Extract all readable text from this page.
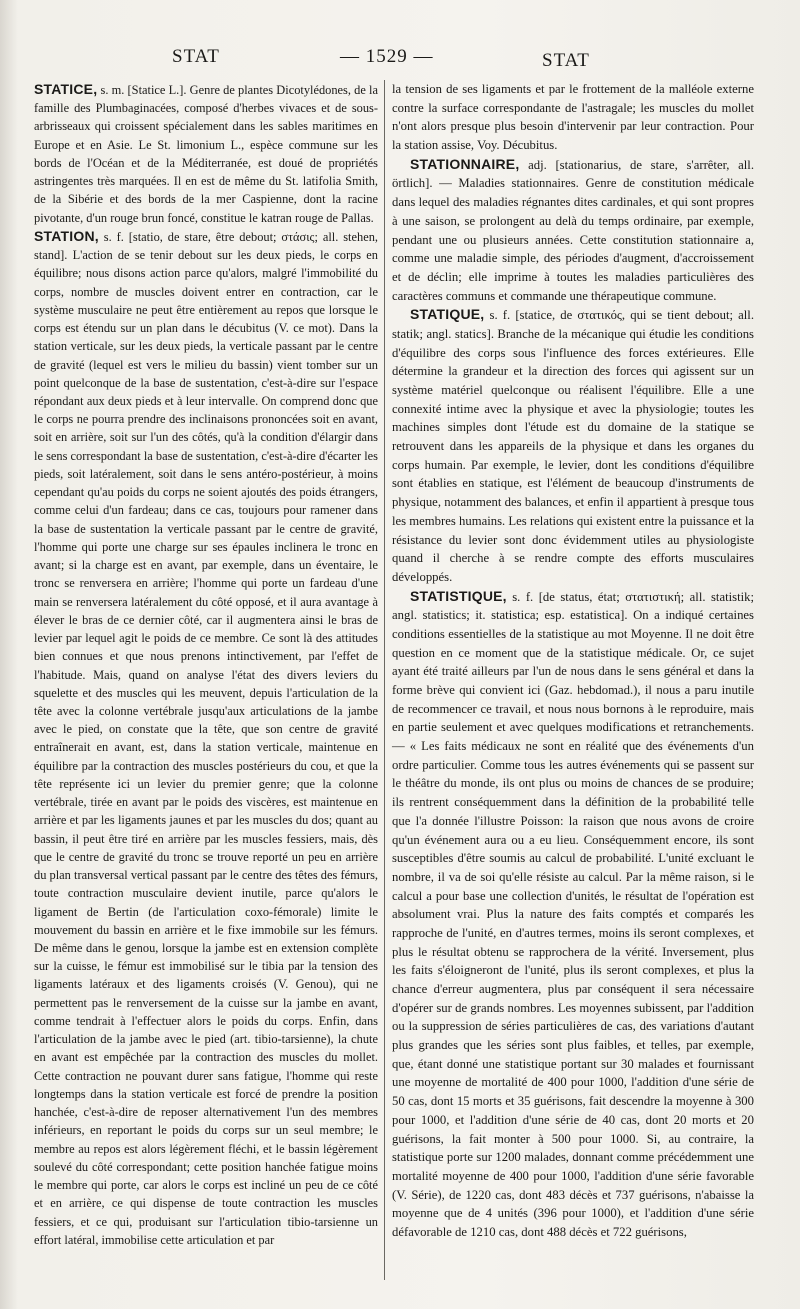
STAT	— 1529 —	STAT
STATICE, s. m. [Statice L.]. Genre de plantes Dicotylédones, de la famille des Plumbaginacées, composé d'herbes vivaces et de sous-arbrisseaux qui croissent spécialement dans les sables maritimes en Europe et en Asie. Le St. limonium L., espèce commune sur les bords de l'Océan et de la Méditerranée, est doué de propriétés astringentes très marquées. Il en est de même du St. latifolia Smith, de la Sibérie et des bords de la mer Caspienne, dont la racine pivotante, d'un rouge brun foncé, constitue le katran rouge de Pallas.
STATION, s. f. [statio, de stare, être debout; στάσις; all. stehen, stand]. L'action de se tenir debout sur les deux pieds, le corps en équilibre; nous disons action parce qu'alors, malgré l'immobilité du corps, nombre de muscles doivent entrer en contraction, car le système musculaire ne peut être entièrement au repos que lorsque le corps est étendu sur un plan dans le décubitus (V. ce mot). Dans la station verticale, sur les deux pieds, la verticale passant par le centre de gravité (lequel est vers le milieu du bassin) vient tomber sur un point quelconque de la base de sustentation, c'est-à-dire sur l'espace répondant aux deux pieds et à leur intervalle. On comprend donc que le corps ne pourra prendre des inclinaisons prononcées soit en avant, soit en arrière, soit sur l'un des côtés, qu'à la condition d'élargir dans le sens correspondant la base de sustentation, c'est-à-dire d'écarter les pieds, soit latéralement, soit dans le sens antéro-postérieur, à moins cependant qu'au poids du corps ne soient ajoutés des poids étrangers, comme celui d'un fardeau; dans ce cas, toujours pour ramener dans la base de sustentation la verticale passant par le centre de gravité, l'homme qui porte une charge sur ses épaules inclinera le tronc en avant; si la charge est en avant, par exemple, dans un éventaire, le tronc se renversera en arrière; l'homme qui porte un fardeau d'une main se renversera latéralement du côté opposé, et il aura avantage à élever le bras de ce dernier côté, car il augmentera ainsi le bras de levier par lequel agit le poids de ce membre. Ce sont là des attitudes bien connues et que nous prenons intinctivement, par l'effet de l'habitude. Mais, quand on analyse l'état des divers leviers du squelette et des muscles qui les meuvent, depuis l'articulation de la tête avec la colonne vertébrale jusqu'aux articulations de la jambe avec le pied, on constate que la tête, que son centre de gravité entraînerait en avant, est, dans la station verticale, maintenue en équilibre par la contraction des muscles postérieurs du cou, et que la tête représente ici un levier du premier genre; que la colonne vertébrale, tirée en avant par le poids des viscères, est maintenue en arrière et par les ligaments jaunes et par les muscles du dos; quant au bassin, il peut être tiré en arrière par les muscles fessiers, mais, dès que le centre de gravité du tronc se trouve reporté un peu en arrière du plan transversal vertical passant par le centre des têtes des fémurs, toute contraction musculaire devient inutile, parce qu'alors le ligament de Bertin (de l'articulation coxo-fémorale) limite le mouvement du bassin en arrière et le fixe immobile sur les fémurs. De même dans le genou, lorsque la jambe est en extension complète sur la cuisse, le fémur est immobilisé sur le tibia par la tension des ligaments latéraux et des ligaments croisés (V. Genou), qui ne permettent pas le renversement de la cuisse sur la jambe en avant, comme tendrait à l'effectuer alors le poids du corps. Enfin, dans l'articulation de la jambe avec le pied (art. tibio-tarsienne), la chute en avant est empêchée par la contraction des muscles du mollet. Cette contraction ne pouvant durer sans fatigue, l'homme qui reste longtemps dans la station verticale est forcé de prendre la position hanchée, c'est-à-dire de reposer alternativement l'un des membres inférieurs, en reportant le poids du corps sur un seul membre; le membre au repos est alors légèrement fléchi, et le bassin légèrement soulevé du côté correspondant; cette position hanchée fatigue moins le membre qui porte, car alors le corps est incliné un peu de ce côté et en arrière, ce qui dispense de toute contraction les muscles fessiers, et ce qui, produisant sur l'articulation tibio-tarsienne un effort latéral, immobilise cette articulation et par
la tension de ses ligaments et par le frottement de la malléole externe contre la surface correspondante de l'astragale; les muscles du mollet n'ont alors presque plus besoin d'intervenir par leur contraction. Pour la station assise, Voy. Décubitus.
STATIONNAIRE, adj. [stationarius, de stare, s'arrêter, all. örtlich]. — Maladies stationnaires. Genre de constitution médicale dans lequel des maladies régnantes dites cardinales, et qui sont propres à une saison, se prolongent au delà du temps ordinaire, par exemple, pendant une ou plusieurs années. Cette constitution stationnaire a, comme une maladie simple, des périodes d'augment, d'accroissement et de déclin; elle imprime à toutes les maladies particulières des caractères communs et commande une thérapeutique commune.
STATIQUE, s. f. [statice, de στατικός, qui se tient debout; all. statik; angl. statics]. Branche de la mécanique qui étudie les conditions d'équilibre des corps sous l'influence des forces extérieures. Elle détermine la grandeur et la direction des forces qui agissent sur un système matériel quelconque ou réalisent l'équilibre. Elle a une connexité intime avec la physique et avec la physiologie; toutes les machines simples dont l'étude est du domaine de la statique se retrouvent dans les appareils de la physique et dans les organes du corps humain. Par exemple, le levier, dont les conditions d'équilibre sont établies en statique, est l'élément de beaucoup d'instruments de physique, notamment des balances, et enfin il appartient à presque tous les membres humains. Les relations qui existent entre la puissance et la résistance du levier sont donc évidemment utiles au physiologiste quand il cherche à se rendre compte des efforts musculaires développés.
STATISTIQUE, s. f. [de status, état; στατιστική; all. statistik; angl. statistics; it. statistica; esp. estatistica]. On a indiqué certaines conditions essentielles de la statistique au mot Moyenne. Il ne doit être question en ce moment que de la statistique médicale. Or, ce sujet ayant été traité ailleurs par l'un de nous dans le sens général et dans la forme brève qui convient ici (Gaz. hebdomad.), il nous a paru inutile de recommencer ce travail, et nous nous bornons à le reproduire, mais en partie seulement et avec quelques modifications et retranchements. — « Les faits médicaux ne sont en réalité que des événements d'un ordre particulier. Comme tous les autres événements qui se passent sur le théâtre du monde, ils ont plus ou moins de chances de se produire; ils rentrent conséquemment dans la définition de la probabilité telle que l'a donnée l'illustre Poisson: la raison que nous avons de croire qu'un événement aura ou a eu lieu. Conséquemment encore, ils sont susceptibles d'être soumis au calcul de probabilité. L'unité excluant le nombre, il va de soi qu'elle résiste au calcul. Par la même raison, si le calcul a pour base une collection d'unités, le résultat de l'opération est absolument vrai. Plus la nature des faits comptés et comparés les rapproche de l'unité, en d'autres termes, moins ils seront complexes, et plus le résultat obtenu se rapprochera de la vérité. Inversement, plus les faits s'éloigneront de l'unité, plus ils seront complexes, et plus la chance d'erreur augmentera, plus par conséquent il sera nécessaire d'opérer sur de grands nombres. Les moyennes subissent, par l'addition ou la suppression de séries particulières de cas, des variations d'autant plus grandes que les séries sont plus faibles, et telles, par exemple, que, étant donné une statistique portant sur 30 malades et fournissant une moyenne de mortalité de 400 pour 1000, l'addition d'une série de 50 cas, dont 15 morts et 35 guérisons, fait descendre la moyenne à 300 pour 1000, et l'addition d'une série de 40 cas, dont 20 morts et 20 guérisons, la fait monter à 500 pour 1000. Si, au contraire, la statistique porte sur 1200 malades, donnant comme précédemment une mortalité moyenne de 400 pour 1000, l'addition d'une série favorable (V. Série), de 1220 cas, dont 483 décès et 737 guérisons, n'abaisse la moyenne que de 4 unités (396 pour 1000), et l'addition d'une série défavorable de 1210 cas, dont 488 décès et 722 guérisons,
